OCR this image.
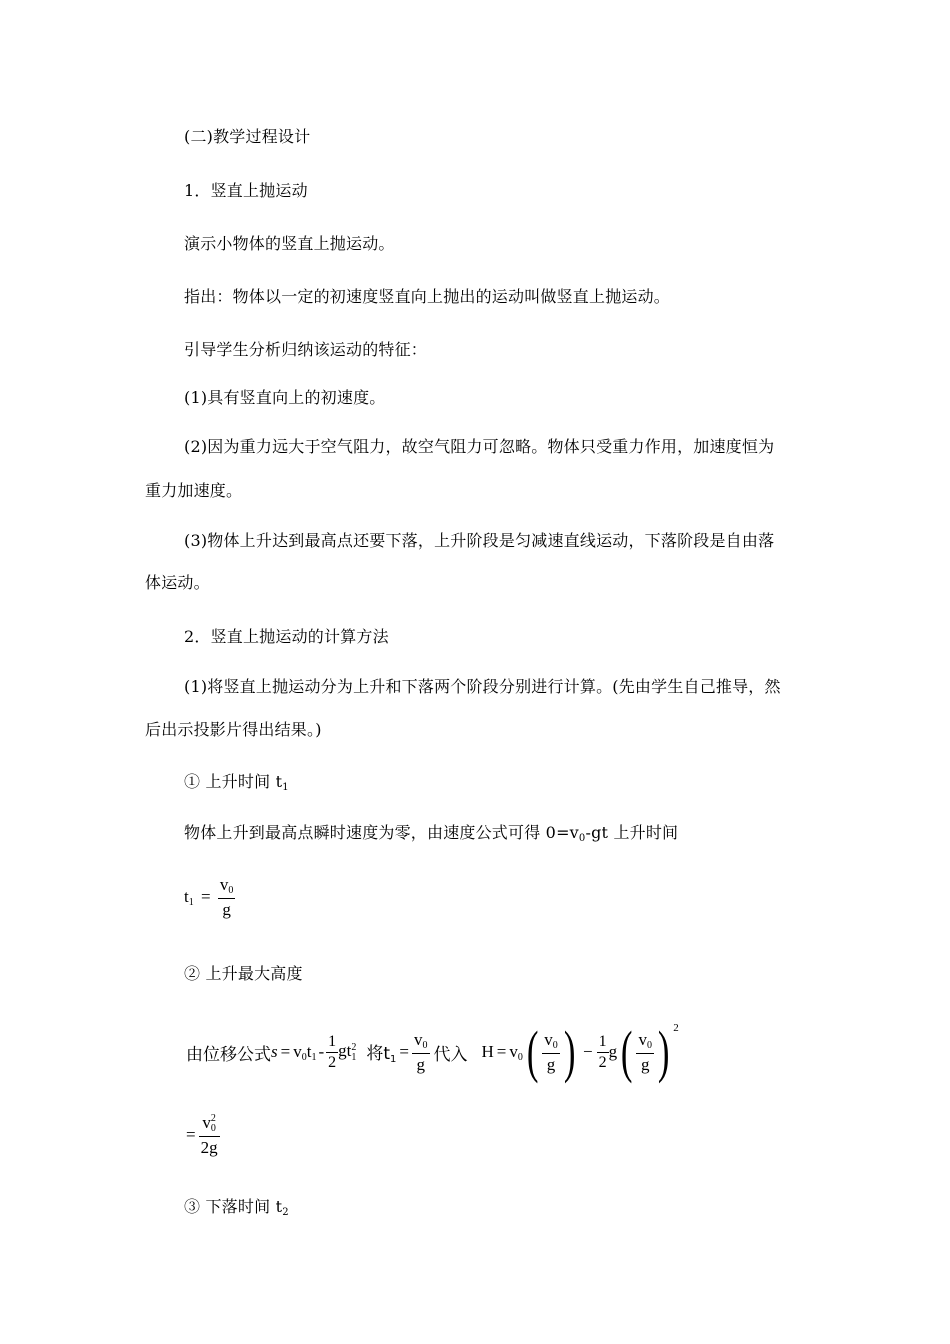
(二)教学过程设计
1．竖直上抛运动
演示小物体的竖直上抛运动。
指出：物体以一定的初速度竖直向上抛出的运动叫做竖直上抛运动。
引导学生分析归纳该运动的特征：
(1)具有竖直向上的初速度。
(2)因为重力远大于空气阻力，故空气阻力可忽略。物体只受重力作用，加速度恒为
重力加速度。
(3)物体上升达到最高点还要下落，上升阶段是匀减速直线运动，下落阶段是自由落
体运动。
2．竖直上抛运动的计算方法
(1)将竖直上抛运动分为上升和下落两个阶段分别进行计算。(先由学生自己推导，然
后出示投影片得出结果。)
① 上升时间 $t_1$
物体上升到最高点瞬时速度为零，由速度公式可得 $0=v_0-gt$ 上升时间
$t_1 = \frac{v_0}{g}$
② 上升最大高度
由位移公式 $s = v_0$ $t_1 - \frac{1}{2}$ gt 2
1 将$t_1 = \frac{v_0}{g}$ 代入 $H = v_0$ ( $\frac{v_0}{g}$ ) − $\frac{1}{2}$ g ( $\frac{v_0}{g}$ ) 2
= v 2
0
2g
③ 下落时间 $t_2$
